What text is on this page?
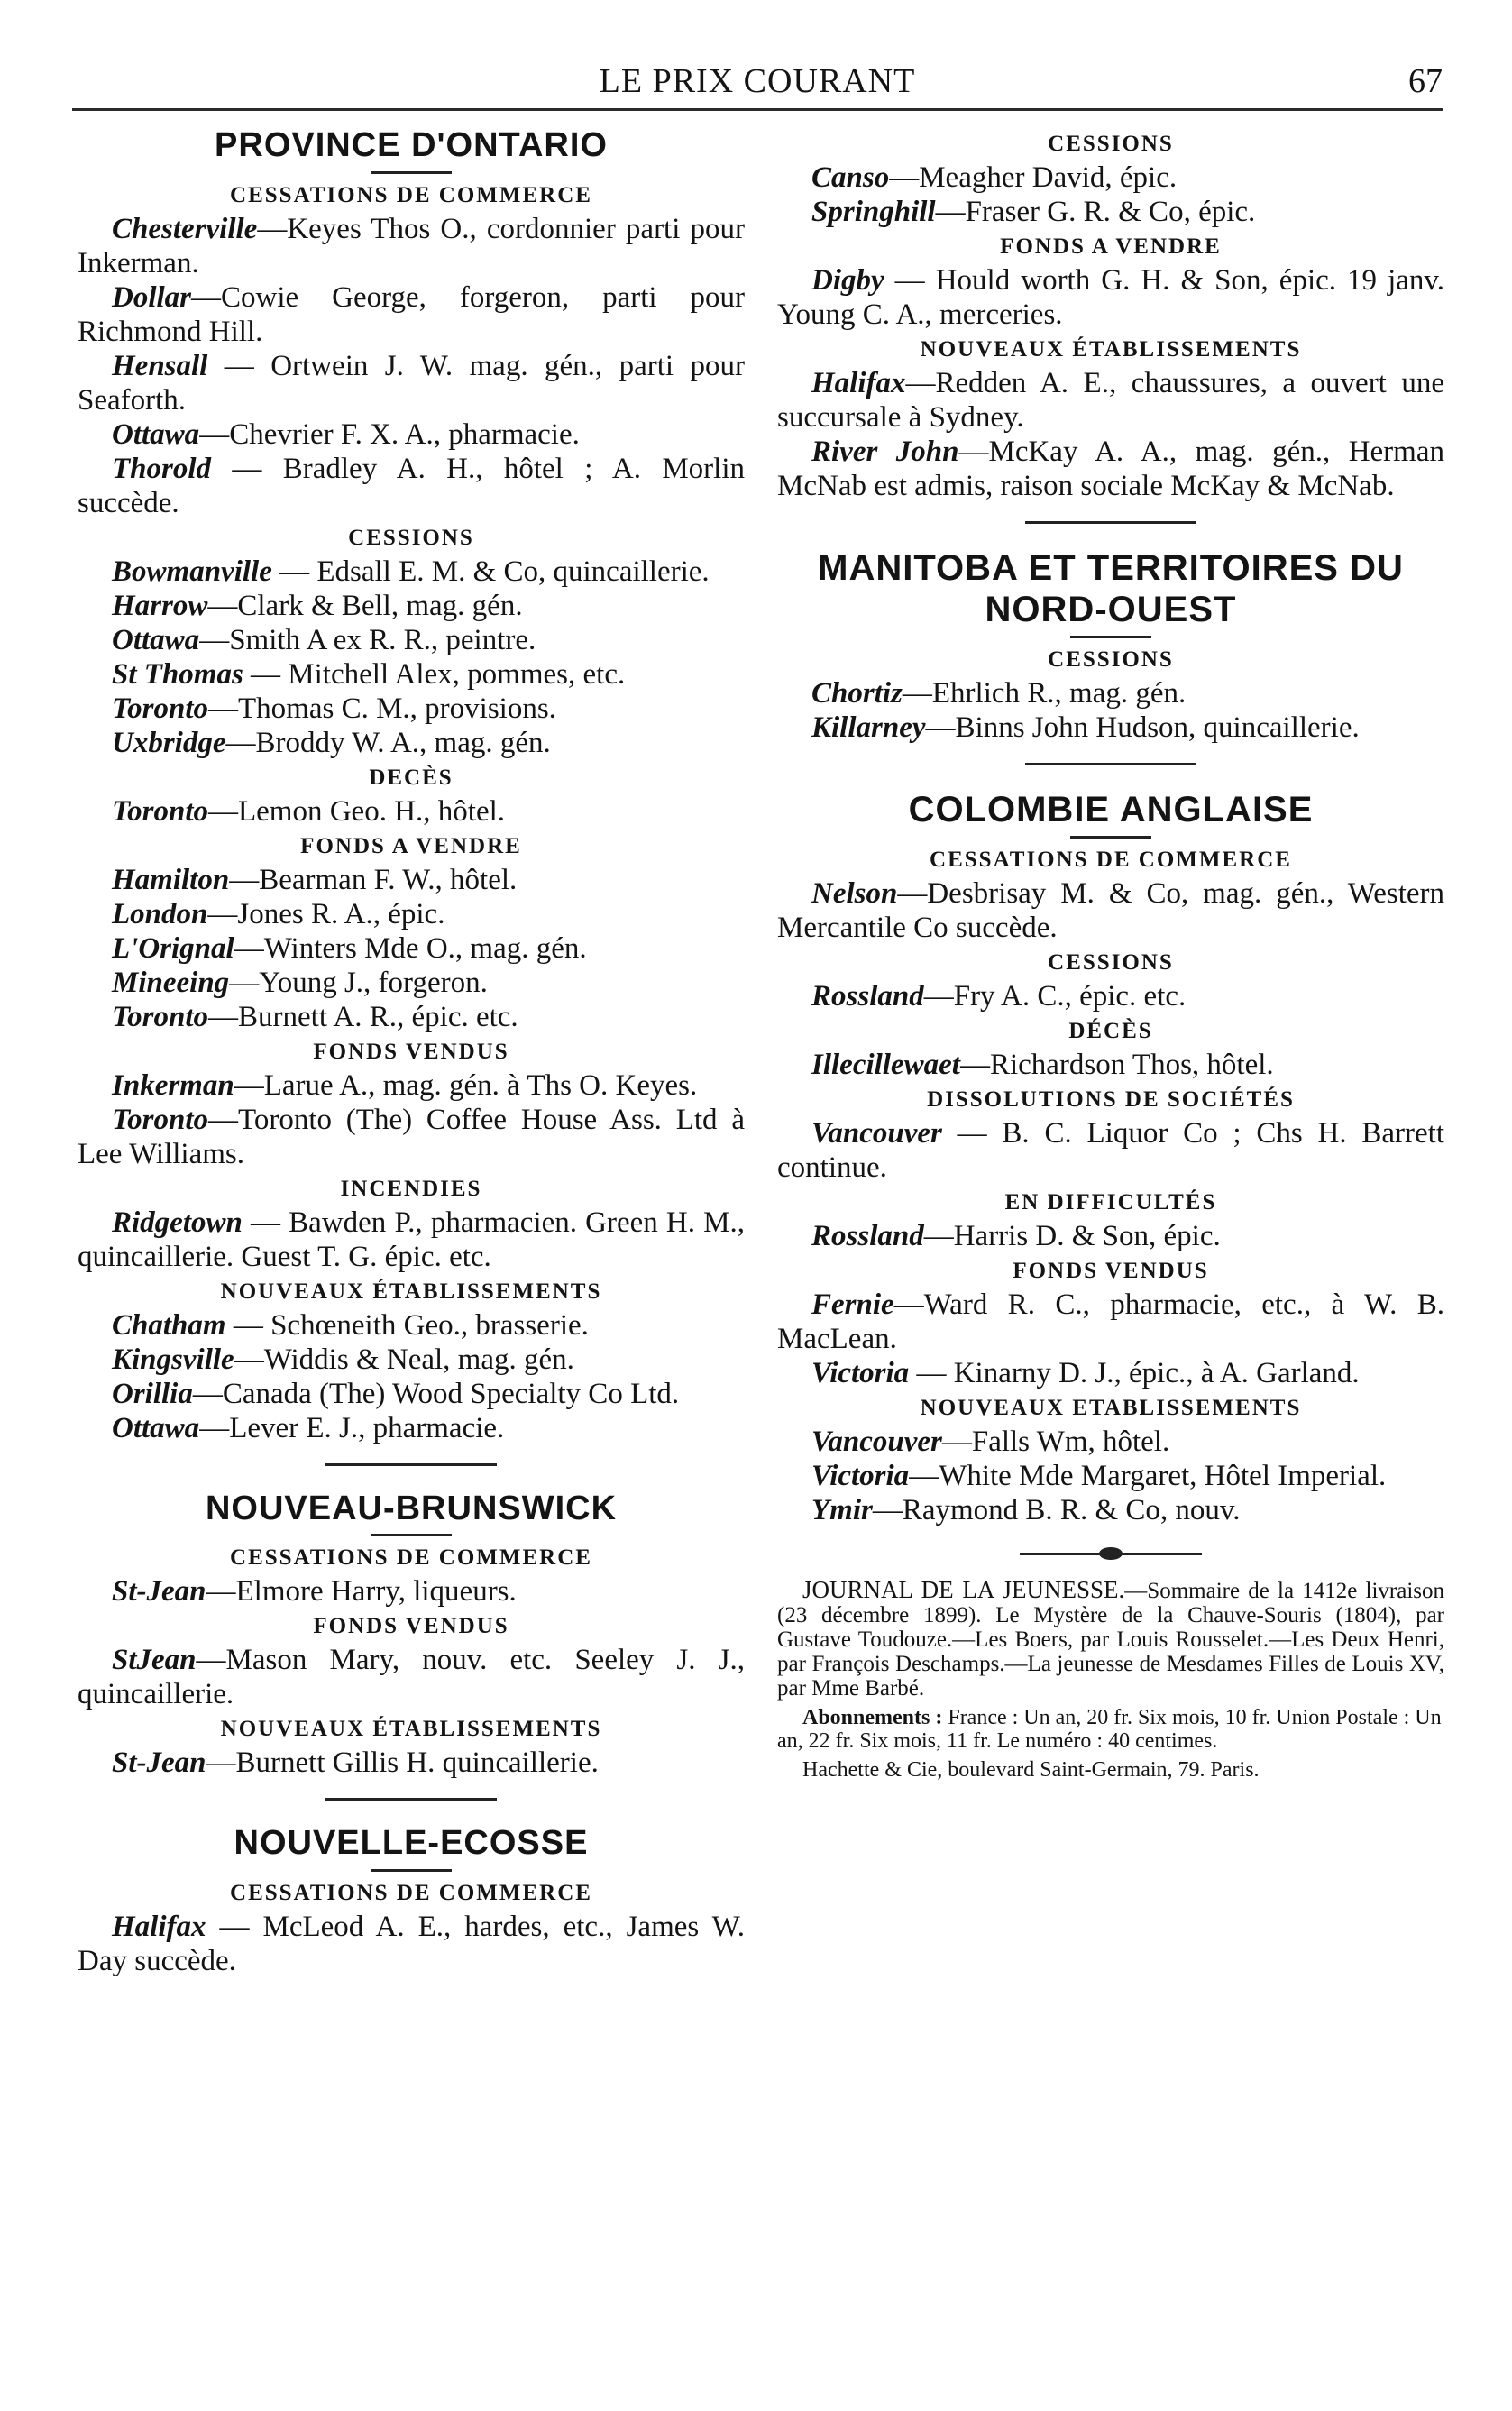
LE PRIX COURANT	67
PROVINCE D'ONTARIO
CESSATIONS DE COMMERCE

Chesterville—Keyes Thos O., cordonnier parti pour Inkerman.

Dollar—Cowie George, forgeron, parti pour Richmond Hill.

Hensall — Ortwein J. W. mag. gén., parti pour Seaforth.

Ottawa—Chevrier F. X. A., pharmacie.

Thorold — Bradley A. H., hôtel ; A. Morlin succède.

CESSIONS

Bowmanville — Edsall E. M. & Co, quincaillerie.

Harrow—Clark & Bell, mag. gén.

Ottawa—Smith A ex R. R., peintre.

St Thomas — Mitchell Alex, pommes, etc.

Toronto—Thomas C. M., provisions.

Uxbridge—Broddy W. A., mag. gén.

DECÈS

Toronto—Lemon Geo. H., hôtel.

FONDS A VENDRE

Hamilton—Bearman F. W., hôtel.

London—Jones R. A., épic.

L'Orignal—Winters Mde O., mag. gén.

Mineeing—Young J., forgeron.

Toronto—Burnett A. R., épic. etc.

FONDS VENDUS

Inkerman—Larue A., mag. gén. à Ths O. Keyes.

Toronto—Toronto (The) Coffee House Ass. Ltd à Lee Williams.

INCENDIES

Ridgetown — Bawden P., pharmacien. Green H. M., quincaillerie. Guest T. G. épic. etc.

NOUVEAUX ÉTABLISSEMENTS

Chatham — Schœneith Geo., brasserie.

Kingsville—Widdis & Neal, mag. gén.

Orillia—Canada (The) Wood Specialty Co Ltd.

Ottawa—Lever E. J., pharmacie.

NOUVEAU-BRUNSWICK
CESSATIONS DE COMMERCE

St-Jean—Elmore Harry, liqueurs.

FONDS VENDUS

StJean—Mason Mary, nouv. etc. Seeley J. J., quincaillerie.

NOUVEAUX ÉTABLISSEMENTS

St-Jean—Burnett Gillis H. quincaillerie.

NOUVELLE-ECOSSE
CESSATIONS DE COMMERCE

Halifax — McLeod A. E., hardes, etc., James W. Day succède.

CESSIONS

Canso—Meagher David, épic.

Springhill—Fraser G. R. & Co, épic.

FONDS A VENDRE

Digby — Hould worth G. H. & Son, épic. 19 janv. Young C. A., merceries.

NOUVEAUX ÉTABLISSEMENTS

Halifax—Redden A. E., chaussures, a ouvert une succursale à Sydney.

River John—McKay A. A., mag. gén., Herman McNab est admis, raison sociale McKay & McNab.

MANITOBA ET TERRITOIRES DU NORD-OUEST
CESSIONS

Chortiz—Ehrlich R., mag. gén.

Killarney—Binns John Hudson, quincaillerie.

COLOMBIE ANGLAISE
CESSATIONS DE COMMERCE

Nelson—Desbrisay M. & Co, mag. gén., Western Mercantile Co succède.

CESSIONS

Rossland—Fry A. C., épic. etc.

DÉCÈS

Illecillewaet—Richardson Thos, hôtel.

DISSOLUTIONS DE SOCIÉTÉS

Vancouver — B. C. Liquor Co ; Chs H. Barrett continue.

EN DIFFICULTÉS

Rossland—Harris D. & Son, épic.

FONDS VENDUS

Fernie—Ward R. C., pharmacie, etc., à W. B. MacLean.

Victoria — Kinarny D. J., épic., à A. Garland.

NOUVEAUX ETABLISSEMENTS

Vancouver—Falls Wm, hôtel.

Victoria—White Mde Margaret, Hôtel Imperial.

Ymir—Raymond B. R. & Co, nouv.

JOURNAL DE LA JEUNESSE.—Sommaire de la 1412e livraison (23 décembre 1899). Le Mystère de la Chauve-Souris (1804), par Gustave Toudouze.—Les Boers, par Louis Rousselet.—Les Deux Henri, par François Deschamps.—La jeunesse de Mesdames Filles de Louis XV, par Mme Barbé.

Abonnements : France : Un an, 20 fr. Six mois, 10 fr. Union Postale : Un an, 22 fr. Six mois, 11 fr. Le numéro : 40 centimes.

Hachette & Cie, boulevard Saint-Germain, 79. Paris.
